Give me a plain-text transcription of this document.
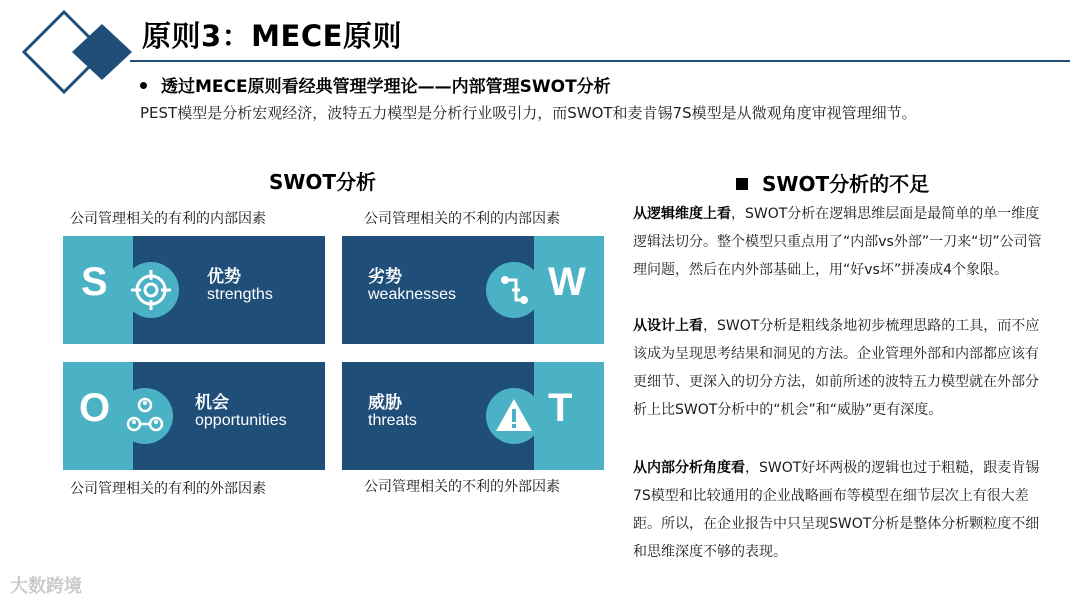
原则3：MECE原则
透过MECE原则看经典管理学理论——内部管理SWOT分析
PEST模型是分析宏观经济，波特五力模型是分析行业吸引力，而SWOT和麦肯锡7S模型是从微观角度审视管理细节。
SWOT分析
公司管理相关的有利的内部因素	公司管理相关的不利的内部因素
S	优势
strengths	W
劣势
weaknesses
O	机会
opportunities	T
威胁
threats
公司管理相关的有利的外部因素	公司管理相关的不利的外部因素
SWOT分析的不足
从逻辑维度上看，SWOT分析在逻辑思维层面是最简单的单一维度逻辑法切分。整个模型只重点用了“内部vs外部”一刀来“切”公司管理问题，然后在内外部基础上，用“好vs坏”拼凑成4个象限。
从设计上看，SWOT分析是粗线条地初步梳理思路的工具，而不应该成为呈现思考结果和洞见的方法。企业管理外部和内部都应该有更细节、更深入的切分方法，如前所述的波特五力模型就在外部分析上比SWOT分析中的“机会”和“威胁”更有深度。
从内部分析角度看，SWOT好坏两极的逻辑也过于粗糙，跟麦肯锡7S模型和比较通用的企业战略画布等模型在细节层次上有很大差距。所以，在企业报告中只呈现SWOT分析是整体分析颗粒度不细和思维深度不够的表现。
大数跨境
